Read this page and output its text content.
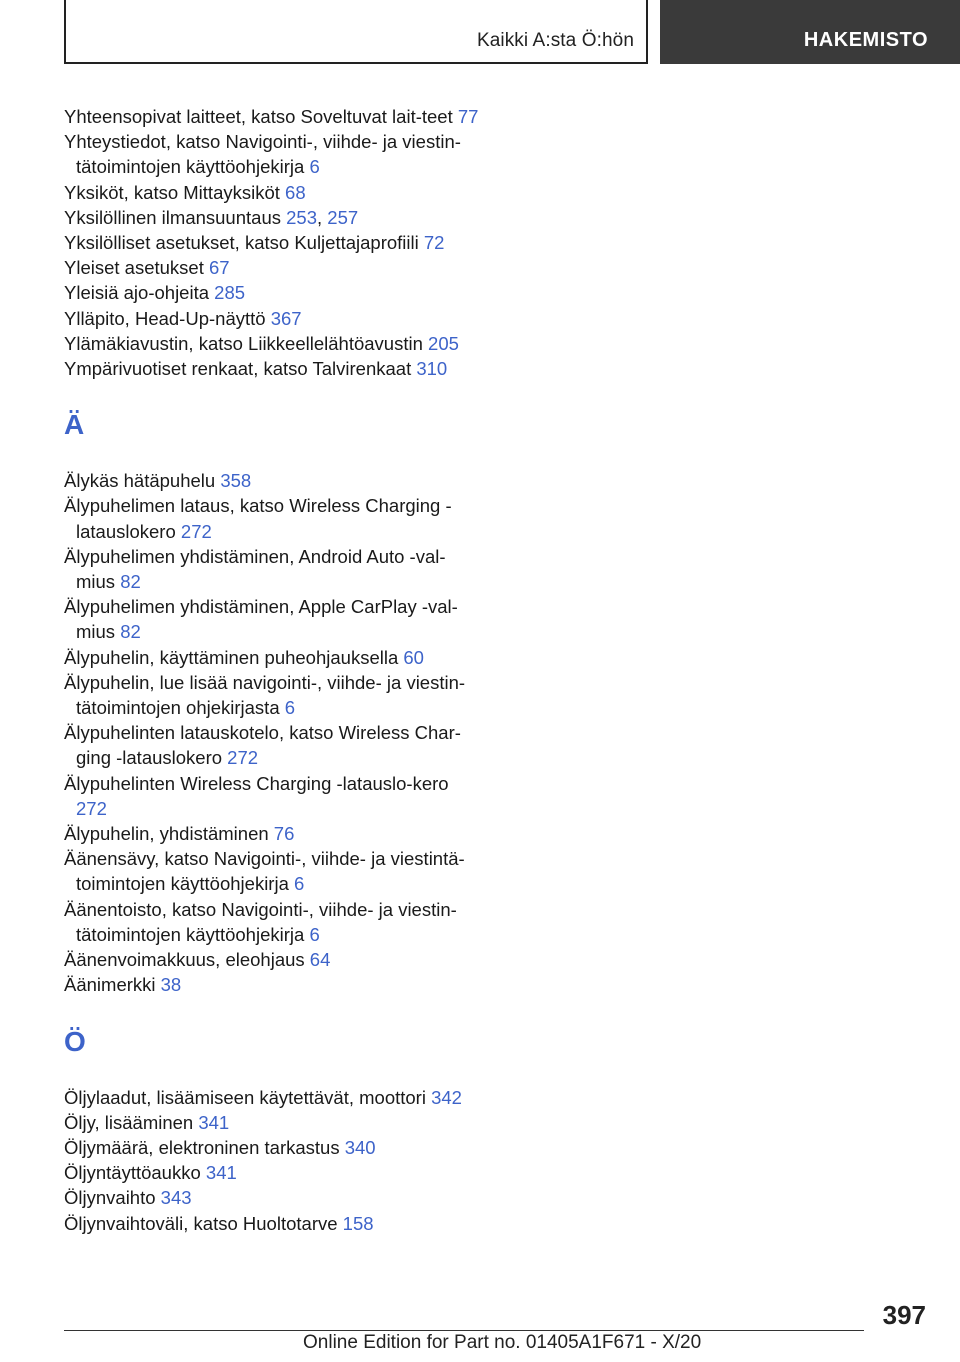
Kaikki A:sta Ö:hön	HAKEMISTO
Yhteensopivat laitteet, katso Soveltuvat lait‐teet 77
Yhteystiedot, katso Navigointi-, viihde- ja viestin‐tätoimintojen käyttöohjekirja 6
Yksiköt, katso Mittayksiköt 68
Yksilöllinen ilmansuuntaus 253, 257
Yksilölliset asetukset, katso Kuljettajaprofiili 72
Yleiset asetukset 67
Yleisiä ajo-ohjeita 285
Ylläpito, Head-Up-näyttö 367
Ylämäkiavustin, katso Liikkeellelähtöavustin 205
Ympärivuotiset renkaat, katso Talvirenkaat 310
Ä
Älykäs hätäpuhelu 358
Älypuhelimen lataus, katso Wireless Charging -latauslokero 272
Älypuhelimen yhdistäminen, Android Auto -val‐mius 82
Älypuhelimen yhdistäminen, Apple CarPlay -val‐mius 82
Älypuhelin, käyttäminen puheohjauksella 60
Älypuhelin, lue lisää navigointi-, viihde- ja viestin‐tätoimintojen ohjekirjasta 6
Älypuhelinten latauskotelo, katso Wireless Char‐ging -latauslokero 272
Älypuhelinten Wireless Charging -latauslo‐kero 272
Älypuhelin, yhdistäminen 76
Äänensävy, katso Navigointi-, viihde- ja viestintä‐toimintojen käyttöohjekirja 6
Äänentoisto, katso Navigointi-, viihde- ja viestin‐tätoimintojen käyttöohjekirja 6
Äänenvoimakkuus, eleohjaus 64
Äänimerkki 38
Ö
Öljylaadut, lisäämiseen käytettävät, moottori 342
Öljy, lisääminen 341
Öljymäärä, elektroninen tarkastus 340
Öljyntäyttöaukko 341
Öljynvaihto 343
Öljynvaihtoväli, katso Huoltotarve 158
397
Online Edition for Part no. 01405A1F671 - X/20
